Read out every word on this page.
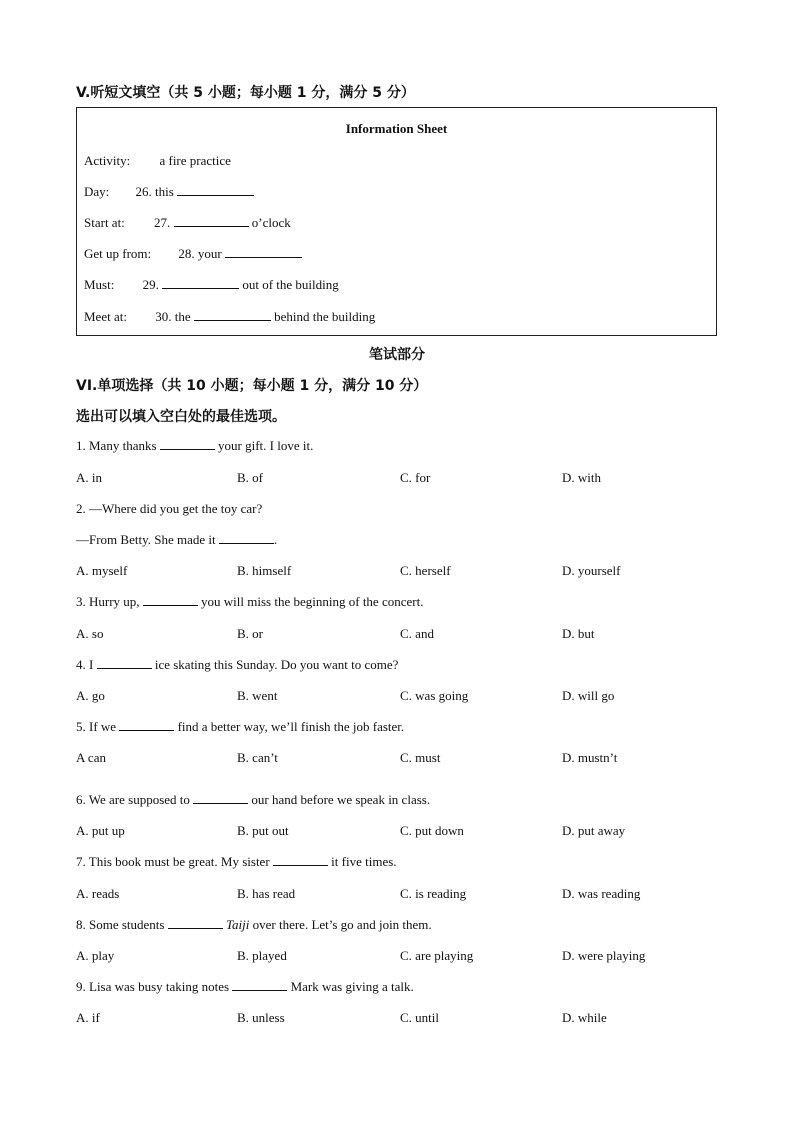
V.听短文填空（共 5 小题；每小题 1 分，满分 5 分）
Information Sheet
Activity: a fire practice
Day: 26. this
Start at: 27.	o’clock
Get up from: 28. your
Must: 29.	out of the building
Meet at: 30. the	behind the building
笔试部分
VI.单项选择（共 10 小题；每小题 1 分，满分 10 分）
选出可以填入空白处的最佳选项。
1. Many thanks	your gift. I love it.
A. in	B. of	C. for	D. with
2. —Where did you get the toy car?
—From Betty. She made it	.
A. myself	B. himself	C. herself	D. yourself
3. Hurry up,	you will miss the beginning of the concert.
A. so	B. or	C. and	D. but
4. I	ice skating this Sunday. Do you want to come?
A. go	B. went	C. was going	D. will go
5. If we	find a better way, we’ll finish the job faster.
A can	B. can’t	C. must	D. mustn’t
6. We are supposed to	our hand before we speak in class.
A. put up	B. put out	C. put down	D. put away
7. This book must be great. My sister	it five times.
A. reads	B. has read	C. is reading	D. was reading
8. Some students	Taiji over there. Let’s go and join them.
A. play	B. played	C. are playing	D. were playing
9. Lisa was busy taking notes	Mark was giving a talk.
A. if	B. unless	C. until	D. while
